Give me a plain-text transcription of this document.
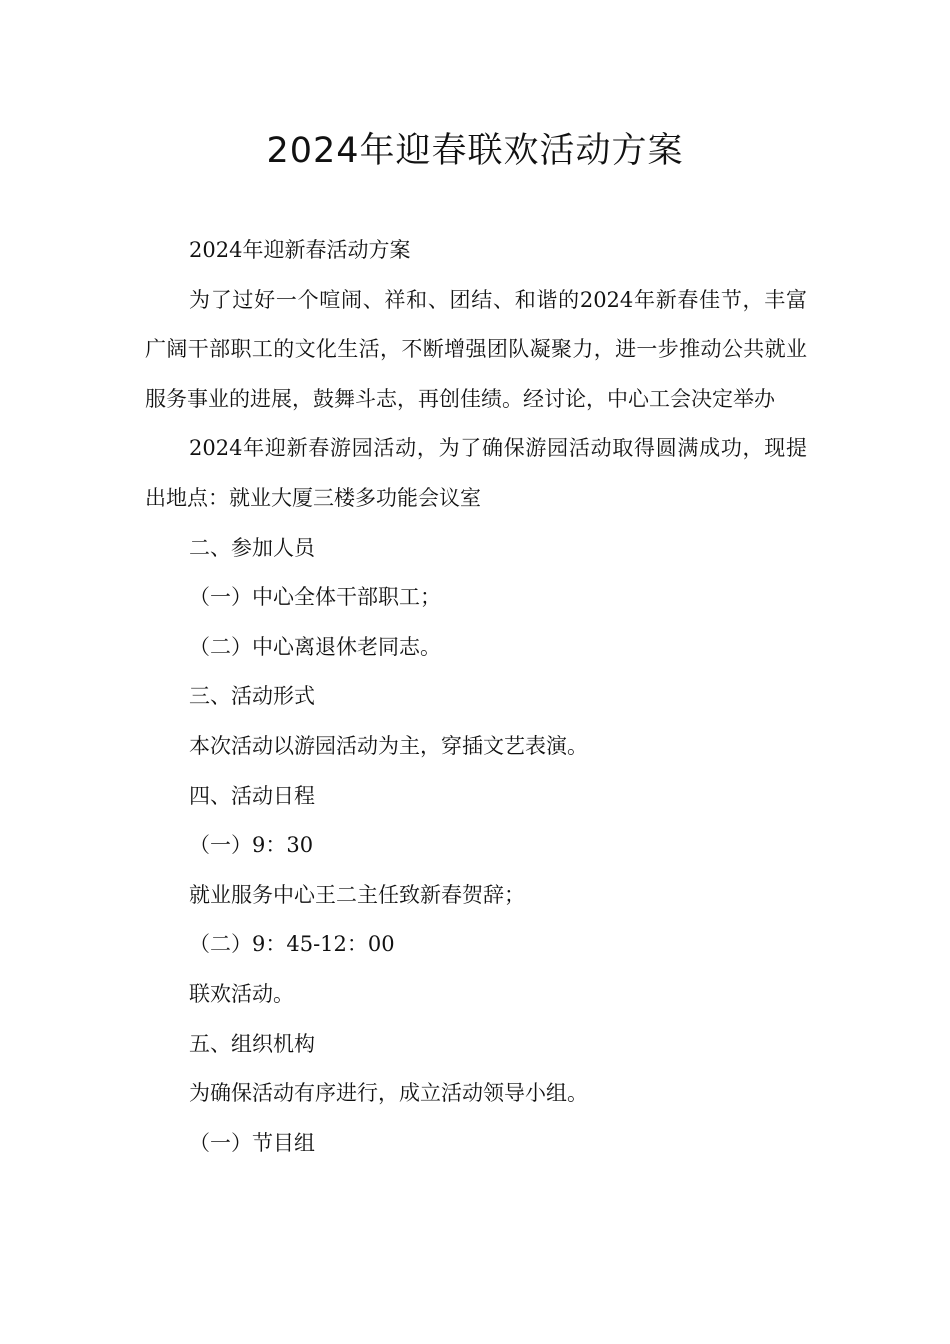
2024年迎春联欢活动方案

2024年迎新春活动方案

为了过好一个喧闹、祥和、团结、和谐的2024年新春佳节，丰富广阔干部职工的文化生活，不断增强团队凝聚力，进一步推动公共就业服务事业的进展，鼓舞斗志，再创佳绩。经讨论，中心工会决定举办

2024年迎新春游园活动，为了确保游园活动取得圆满成功，现提出地点：就业大厦三楼多功能会议室

二、参加人员

（一）中心全体干部职工；

（二）中心离退休老同志。

三、活动形式

本次活动以游园活动为主，穿插文艺表演。

四、活动日程

（一）9：30

就业服务中心王二主任致新春贺辞；

（二）9：45-12：00

联欢活动。

五、组织机构

为确保活动有序进行，成立活动领导小组。

（一）节目组
